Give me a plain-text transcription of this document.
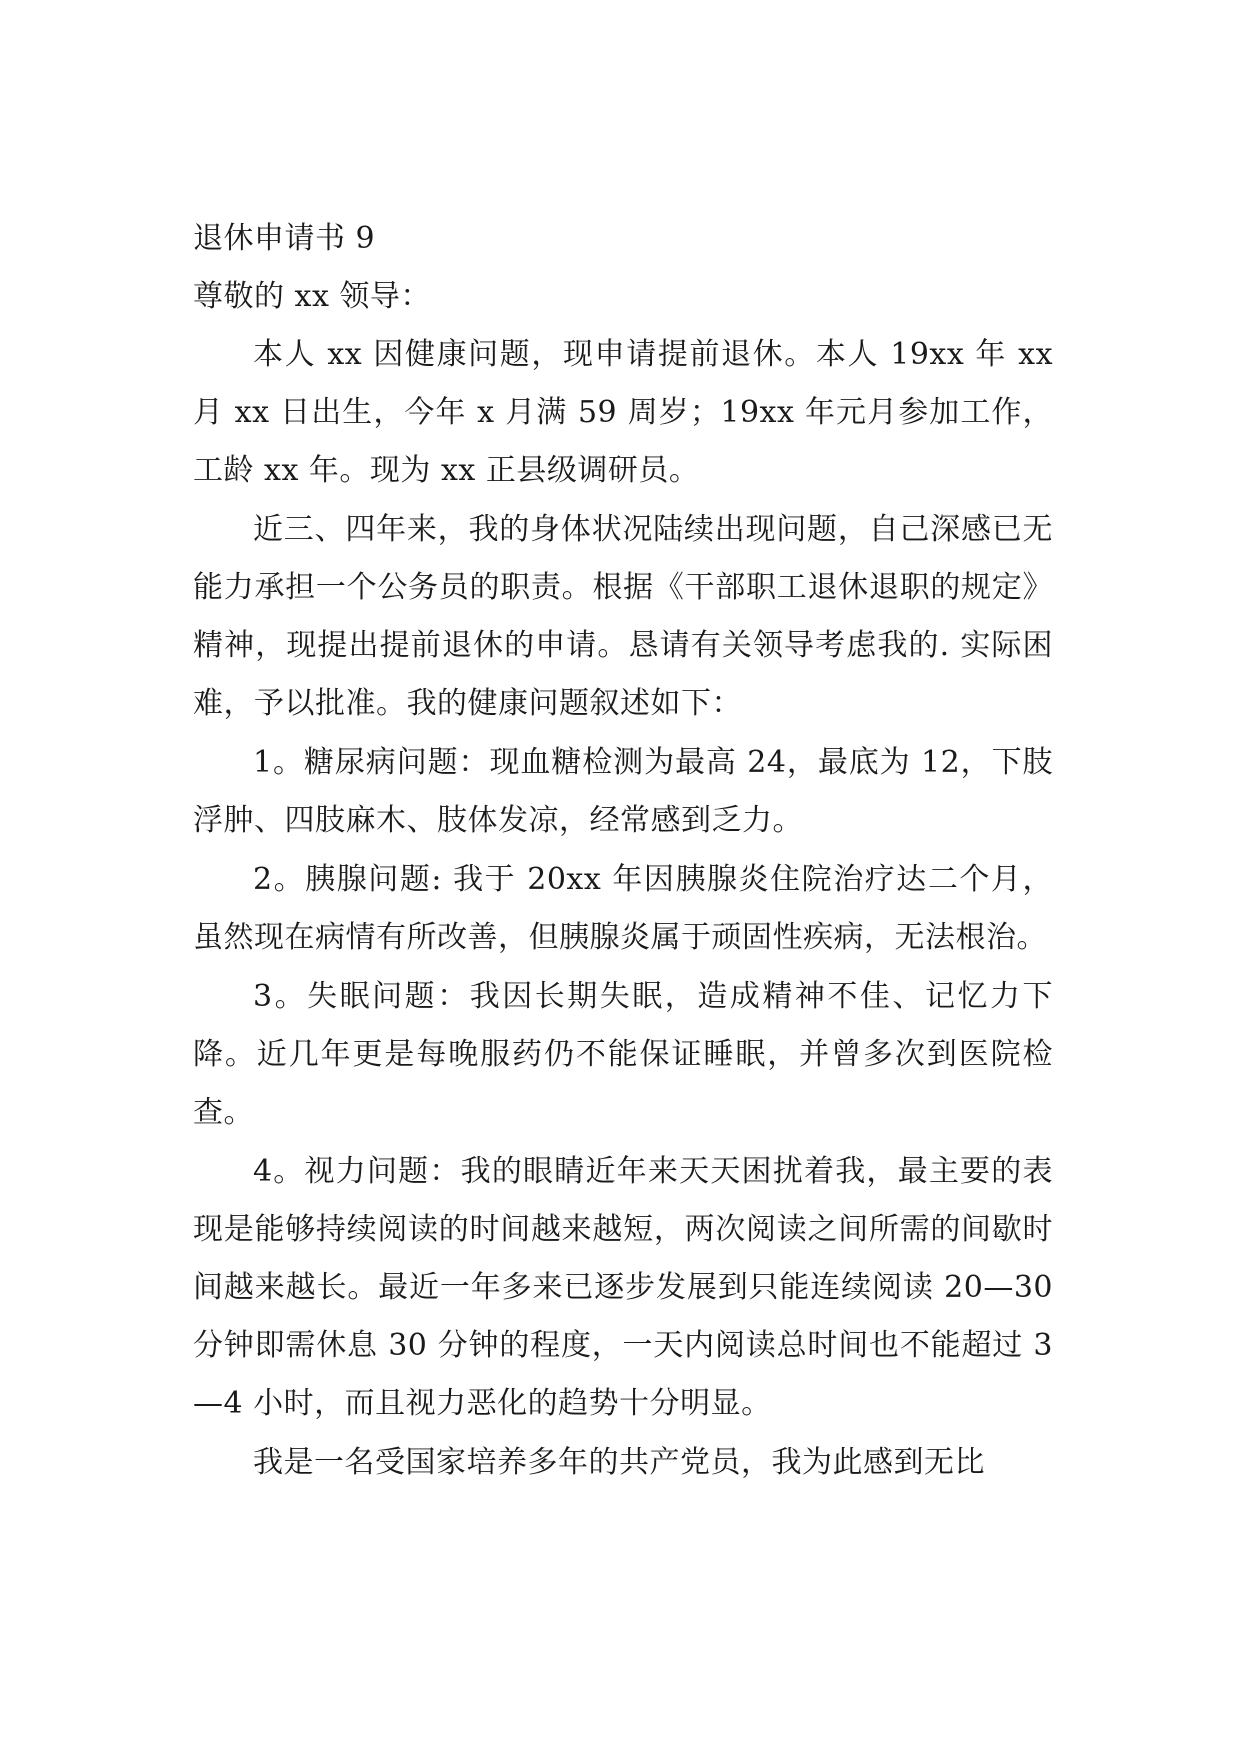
退休申请书 9
尊敬的 xx 领导：

本人 xx 因健康问题，现申请提前退休。本人 19xx 年 xx 月 xx 日出生，今年 x 月满 59 周岁；19xx 年元月参加工作，工龄 xx 年。现为 xx 正县级调研员。

近三、四年来，我的身体状况陆续出现问题，自己深感已无能力承担一个公务员的职责。根据《干部职工退休退职的规定》精神，现提出提前退休的申请。恳请有关领导考虑我的. 实际困难，予以批准。我的健康问题叙述如下：

1。糖尿病问题：现血糖检测为最高 24，最底为 12，下肢浮肿、四肢麻木、肢体发凉，经常感到乏力。

2。胰腺问题: 我于 20xx 年因胰腺炎住院治疗达二个月，虽然现在病情有所改善，但胰腺炎属于顽固性疾病，无法根治。

3。失眠问题：我因长期失眠，造成精神不佳、记忆力下降。近几年更是每晚服药仍不能保证睡眠，并曾多次到医院检查。

4。视力问题：我的眼睛近年来天天困扰着我，最主要的表现是能够持续阅读的时间越来越短，两次阅读之间所需的间歇时间越来越长。最近一年多来已逐步发展到只能连续阅读 20—30 分钟即需休息 30 分钟的程度，一天内阅读总时间也不能超过 3—4 小时，而且视力恶化的趋势十分明显。

我是一名受国家培养多年的共产党员，我为此感到无比
